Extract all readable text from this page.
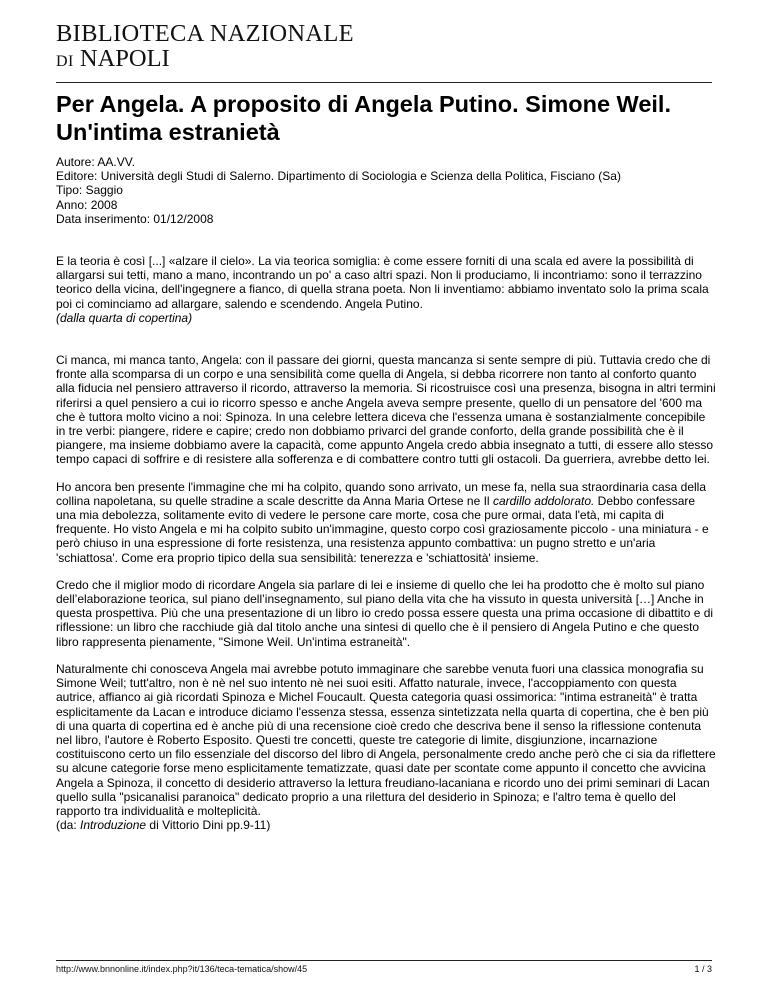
BIBLIOTECA NAZIONALE
DI NAPOLI
Per Angela. A proposito di Angela Putino. Simone Weil. Un'intima estranietà
Autore: AA.VV.
Editore: Università degli Studi di Salerno. Dipartimento di Sociologia e Scienza della Politica, Fisciano (Sa)
Tipo: Saggio
Anno: 2008
Data inserimento: 01/12/2008

E la teoria è così [...] «alzare il cielo». La via teorica somiglia: è come essere forniti di una scala ed avere la possibilità di allargarsi sui tetti, mano a mano, incontrando un po' a caso altri spazi. Non li produciamo, li incontriamo: sono il terrazzino teorico della vicina, dell'ingegnere a fianco, di quella strana poeta. Non li inventiamo: abbiamo inventato solo la prima scala poi ci cominciamo ad allargare, salendo e scendendo. Angela Putino.
(dalla quarta di copertina)

Ci manca, mi manca tanto, Angela: con il passare dei giorni, questa mancanza si sente sempre di più. Tuttavia credo che di fronte alla scomparsa di un corpo e una sensibilità come quella di Angela, si debba ricorrere non tanto al conforto quanto alla fiducia nel pensiero attraverso il ricordo, attraverso la memoria. Si ricostruisce così una presenza, bisogna in altri termini riferirsi a quel pensiero a cui io ricorro spesso e anche Angela aveva sempre presente, quello di un pensatore del '600 ma che è tuttora molto vicino a noi: Spinoza. In una celebre lettera diceva che l'essenza umana è sostanzialmente concepibile in tre verbi: piangere, ridere e capire; credo non dobbiamo privarci del grande conforto, della grande possibilità che è il piangere, ma insieme dobbiamo avere la capacità, come appunto Angela credo abbia insegnato a tutti, di essere allo stesso tempo capaci di soffrire e di resistere alla sofferenza e di combattere contro tutti gli ostacoli. Da guerriera, avrebbe detto lei.

Ho ancora ben presente l'immagine che mi ha colpito, quando sono arrivato, un mese fa, nella sua straordinaria casa della collina napoletana, su quelle stradine a scale descritte da Anna Maria Ortese ne Il cardillo addolorato. Debbo confessare una mia debolezza, solitamente evito di vedere le persone care morte, cosa che pure ormai, data l'età, mi capita di frequente. Ho visto Angela e mi ha colpito subito un'immagine, questo corpo così graziosamente piccolo - una miniatura - e però chiuso in una espressione di forte resistenza, una resistenza appunto combattiva: un pugno stretto e un'aria 'schiattosa'. Come era proprio tipico della sua sensibilità: tenerezza e 'schiattosità' insieme.

Credo che il miglior modo di ricordare Angela sia parlare di lei e insieme di quello che lei ha prodotto che è molto sul piano dell’elaborazione teorica, sul piano dell’insegnamento, sul piano della vita che ha vissuto in questa università […] Anche in questa prospettiva. Più che una presentazione di un libro io credo possa essere questa una prima occasione di dibattito e di riflessione: un libro che racchiude già dal titolo anche una sintesi di quello che è il pensiero di Angela Putino e che questo libro rappresenta pienamente, "Simone Weil. Un'intima estraneità".

Naturalmente chi conosceva Angela mai avrebbe potuto immaginare che sarebbe venuta fuori una classica monografia su Simone Weil; tutt'altro, non è nè nel suo intento nè nei suoi esiti. Affatto naturale, invece, l'accoppiamento con questa autrice, affianco ai già ricordati Spinoza e Michel Foucault. Questa categoria quasi ossimorica: "intima estraneità" è tratta esplicitamente da Lacan e introduce diciamo l'essenza stessa, essenza sintetizzata nella quarta di copertina, che è ben più di una quarta di copertina ed è anche più di una recensione cioè credo che descriva bene il senso la riflessione contenuta nel libro, l'autore è Roberto Esposito. Questi tre concetti, queste tre categorie di limite, disgiunzione, incarnazione costituiscono certo un filo essenziale del discorso del libro di Angela, personalmente credo anche però che ci sia da riflettere su alcune categorie forse meno esplicitamente tematizzate, quasi date per scontate come appunto il concetto che avvicina Angela a Spinoza, il concetto di desiderio attraverso la lettura freudiano-lacaniana e ricordo uno dei primi seminari di Lacan quello sulla "psicanalisi paranoica" dedicato proprio a una rilettura del desiderio in Spinoza; e l'altro tema è quello del rapporto tra individualità e molteplicità.
(da: Introduzione di Vittorio Dini pp.9-11)

http://www.bnnonline.it/index.php?it/136/teca-tematica/show/45	1 / 3
